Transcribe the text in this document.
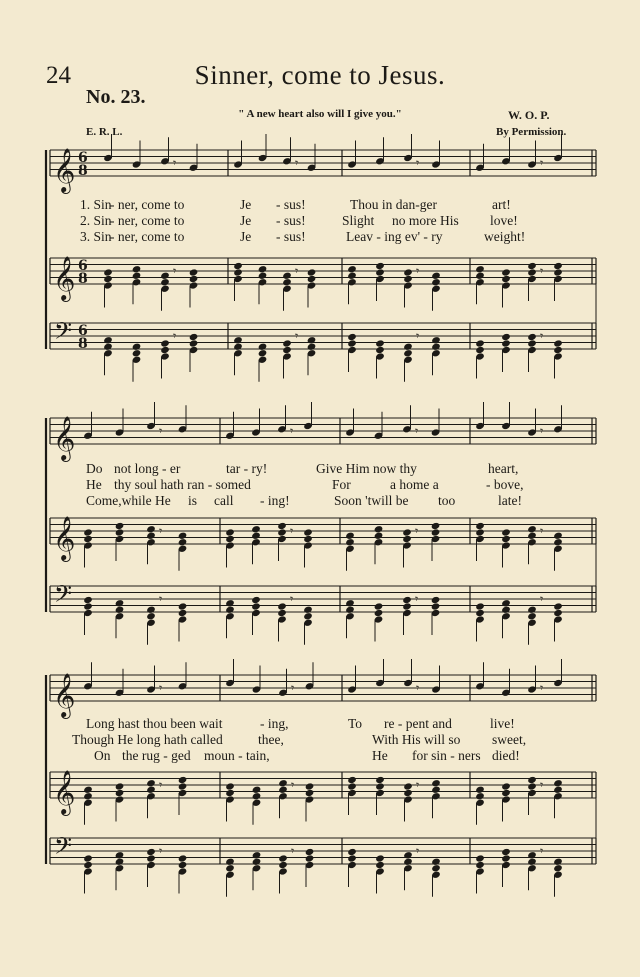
24	Sinner, come to Jesus.
No. 23.
" A new heart also will I give you."	W. O. P.
E. R. L.	By Permission.
𝄞 6
8	𝄾	𝄾	𝄾	𝄾
𝄞 6
8	𝄾	𝄾	𝄾	𝄾
𝄢 6
8	𝄾	𝄾	𝄾	𝄾
𝄞	𝄾	𝄾	𝄾	𝄾
𝄞	𝄾	𝄾	𝄾	𝄾
𝄢	𝄾	𝄾	𝄾	𝄾
𝄞	𝄾	𝄾	𝄾	𝄾
𝄞	𝄾	𝄾	𝄾	𝄾
𝄢	𝄾	𝄾	𝄾	𝄾
1. Sin
- ner, come to	Je - sus!	Thou in dan-ger	art!
2. Sin
- ner, come to	Je - sus!	Slight no more His love!
3. Sin
- ner, come to	Je - sus!	Leav - ing ev' - ry	weight!
Do not long - er	tar - ry!	Give Him now thy	heart,
He thy soul hath ran - somed	For	a home a	- bove,
Come,while He is call - ing!	Soon 'twill be too	late!
Long hast thou been wait	- ing,	To re - pent and	live!
Though He long hath called	thee,	With His will so sweet,
On the rug - ged moun - tain,	He for sin - ners died!
